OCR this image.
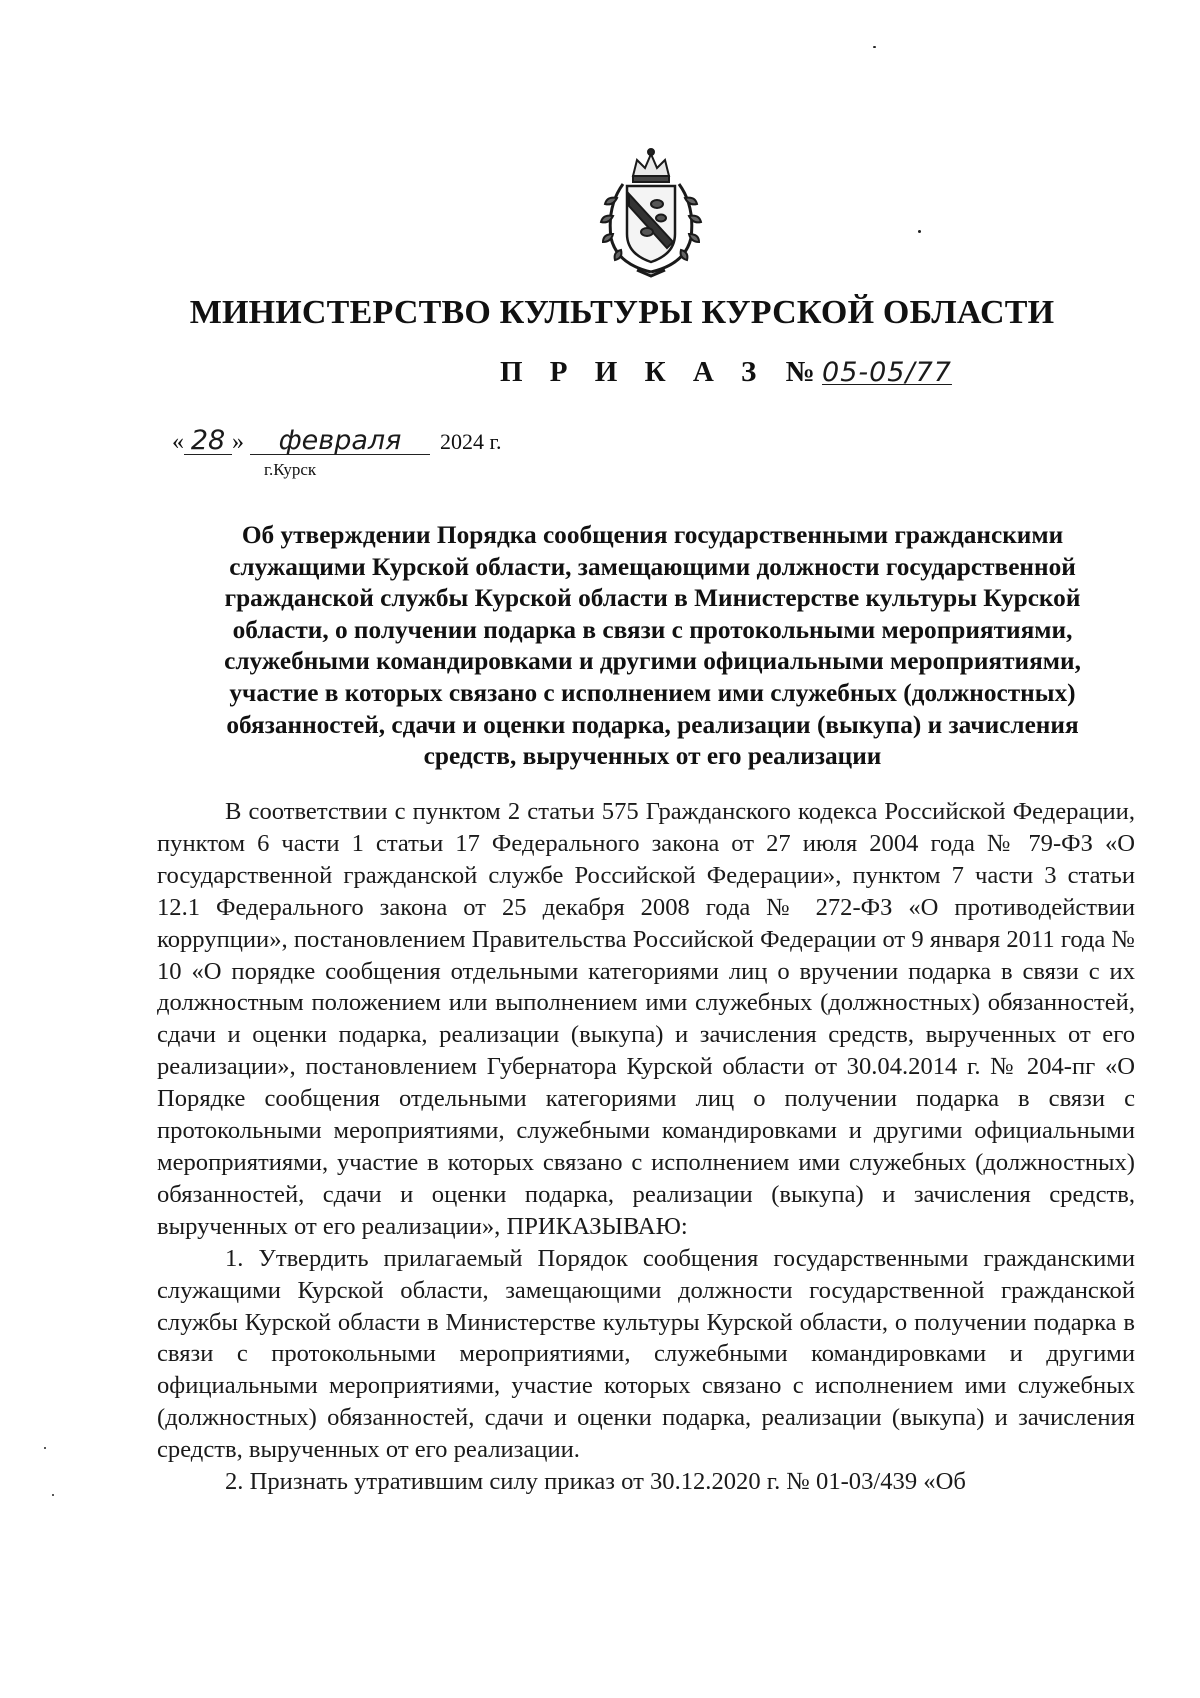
МИНИСТЕРСТВО КУЛЬТУРЫ КУРСКОЙ ОБЛАСТИ
П Р И К А З № 05-05/77
« 28 » февраля 2024 г.
г.Курск
Об утверждении Порядка сообщения государственными гражданскими
служащими Курской области, замещающими должности государственной
гражданской службы Курской области в Министерстве культуры Курской
области, о получении подарка в связи с протокольными мероприятиями,
служебными командировками и другими официальными мероприятиями,
участие в которых связано с исполнением ими служебных (должностных)
обязанностей, сдачи и оценки подарка, реализации (выкупа) и зачисления
средств, вырученных от его реализации

В соответствии с пунктом 2 статьи 575 Гражданского кодекса Российской Федерации, пунктом 6 части 1 статьи 17 Федерального закона от 27 июля 2004 года № 79-ФЗ «О государственной гражданской службе Российской Федерации», пунктом 7 части 3 статьи 12.1 Федерального закона от 25 декабря 2008 года № 272-ФЗ «О противодействии коррупции», постановлением Правительства Российской Федерации от 9 января 2011 года № 10 «О порядке сообщения отдельными категориями лиц о вручении подарка в связи с их должностным положением или выполнением ими служебных (должностных) обязанностей, сдачи и оценки подарка, реализации (выкупа) и зачисления средств, вырученных от его реализации», постановлением Губернатора Курской области от 30.04.2014 г. № 204-пг «О Порядке сообщения отдельными категориями лиц о получении подарка в связи с протокольными мероприятиями, служебными командировками и другими официальными мероприятиями, участие в которых связано с исполнением ими служебных (должностных) обязанностей, сдачи и оценки подарка, реализации (выкупа) и зачисления средств, вырученных от его реализации», ПРИКАЗЫВАЮ:

1. Утвердить прилагаемый Порядок сообщения государственными гражданскими служащими Курской области, замещающими должности государственной гражданской службы Курской области в Министерстве культуры Курской области, о получении подарка в связи с протокольными мероприятиями, служебными командировками и другими официальными мероприятиями, участие которых связано с исполнением ими служебных (должностных) обязанностей, сдачи и оценки подарка, реализации (выкупа) и зачисления средств, вырученных от его реализации.

2. Признать утратившим силу приказ от 30.12.2020 г. № 01-03/439 «Об
